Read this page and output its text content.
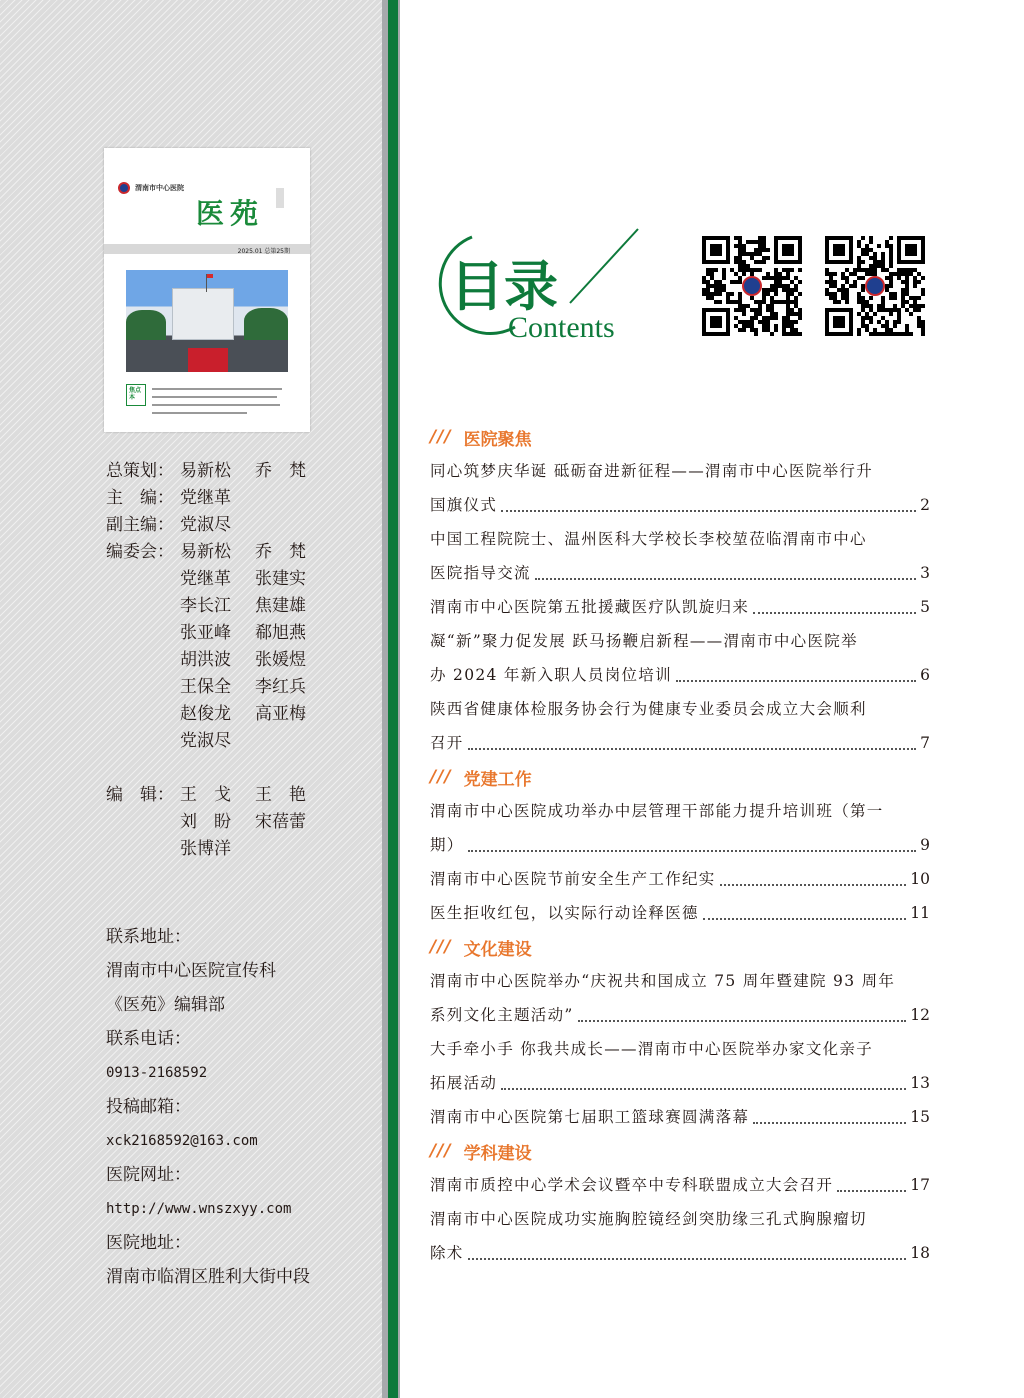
渭南市中心医院
医苑
2025.01 总第25期
焦点本
总策划： 易新松	乔　梵
主　编： 党继革
副主编： 党淑尽
编委会： 易新松	乔　梵
党继革	张建实
李长江	焦建雄
张亚峰	郗旭燕
胡洪波	张媛煜
王保全	李红兵
赵俊龙	高亚梅
党淑尽
编　辑： 王　戈	王　艳
刘　盼	宋蓓蕾
张博洋
联系地址：
渭南市中心医院宣传科
《医苑》编辑部
联系电话：
0913-2168592
投稿邮箱：
xck2168592@163.com
医院网址：
http://www.wnszxyy.com
医院地址：
渭南市临渭区胜利大街中段
目录
Contents
/// 医院聚焦
同心筑梦庆华诞 砥砺奋进新征程——渭南市中心医院举行升
国旗仪式	2
中国工程院院士、温州医科大学校长李校堃莅临渭南市中心
医院指导交流	3
渭南市中心医院第五批援藏医疗队凯旋归来	5
凝“新”聚力促发展 跃马扬鞭启新程——渭南市中心医院举
办 2024 年新入职人员岗位培训	6
陕西省健康体检服务协会行为健康专业委员会成立大会顺利
召开	7
/// 党建工作
渭南市中心医院成功举办中层管理干部能力提升培训班（第一
期）	9
渭南市中心医院节前安全生产工作纪实	10
医生拒收红包，以实际行动诠释医德	11
/// 文化建设
渭南市中心医院举办“庆祝共和国成立 75 周年暨建院 93 周年
系列文化主题活动”	12
大手牵小手 你我共成长——渭南市中心医院举办家文化亲子
拓展活动	13
渭南市中心医院第七届职工篮球赛圆满落幕	15
/// 学科建设
渭南市质控中心学术会议暨卒中专科联盟成立大会召开	17
渭南市中心医院成功实施胸腔镜经剑突肋缘三孔式胸腺瘤切
除术	18
